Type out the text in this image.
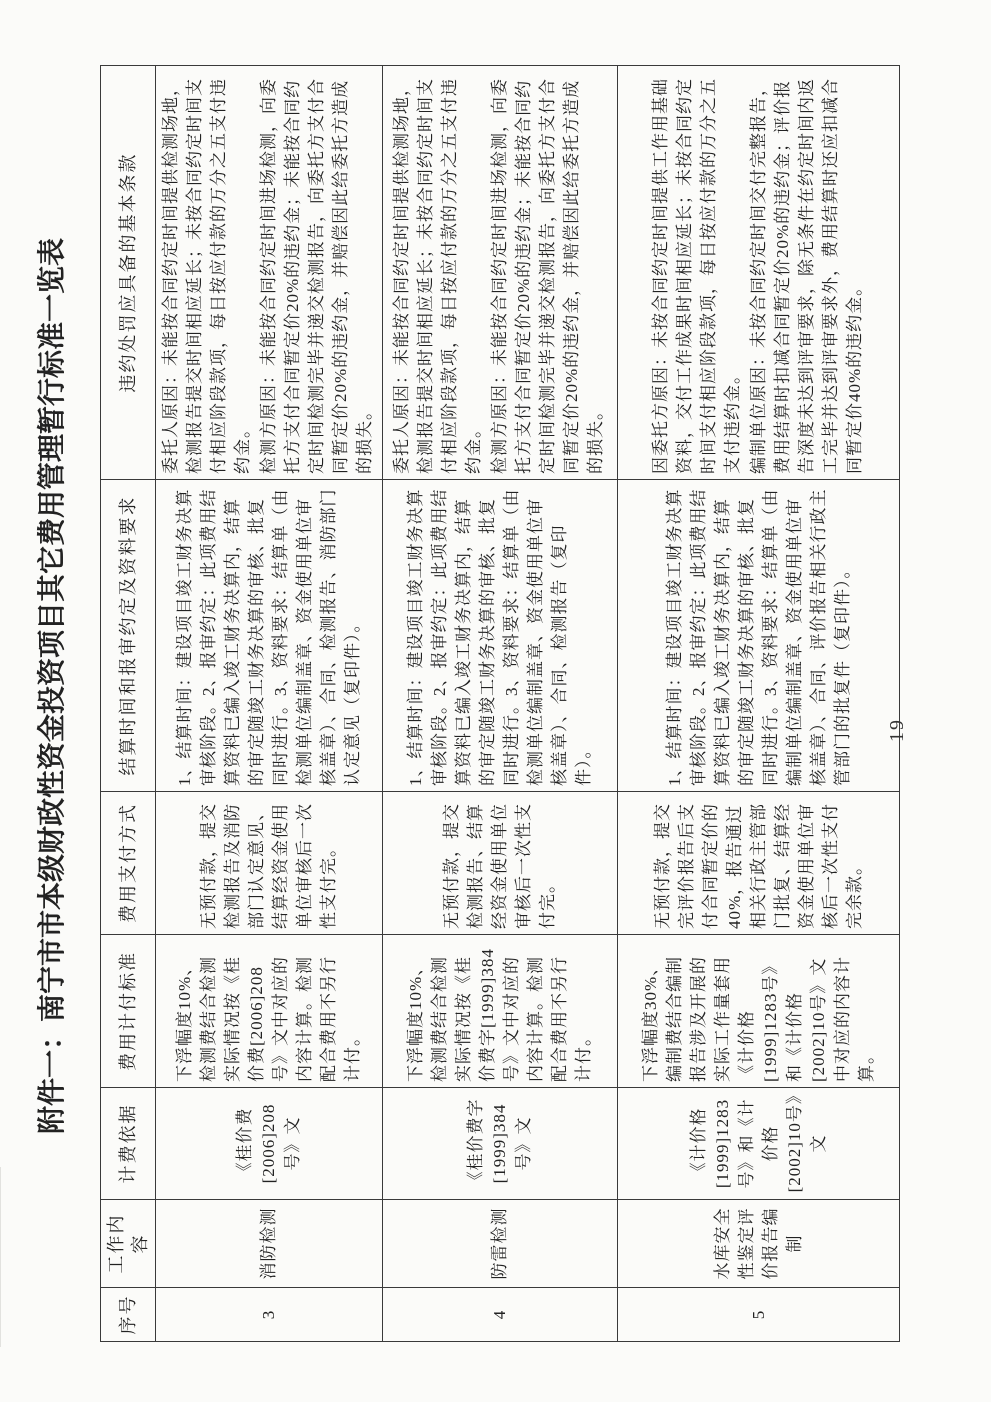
附件一：南宁市市本级财政性资金投资项目其它费用管理暂行标准一览表
序号	工作内容	计费依据	费用计付标准	费用支付方式	结算时间和报审约定及资料要求	违约处罚应具备的基本条款
3	消防检测	《桂价费[2006]208号》文	下浮幅度10%、检测费结合检测实际情况按《桂价费[2006]208号》文中对应的内容计算。检测配合费用不另行计付。	无预付款，提交检测报告及消防部门认定意见、结算经资金使用单位审核后一次性支付完。	1、结算时间：建设项目竣工财务决算审核阶段。2、报审约定：此项费用结算资料已编入竣工财务决算内，结算的审定随竣工财务决算的审核、批复同时进行。3、资料要求：结算单（由检测单位编制盖章、资金使用单位审核盖章）、合同、检测报告、消防部门认定意见（复印件）。	委托人原因：未能按合同约定时间提供检测场地，检测报告提交时间相应延长；未按合同约定时间支付相应阶段款项，每日按应付款的万分之五支付违约金。 检测方原因：未能按合同约定时间进场检测，向委托方支付合同暂定价20%的违约金；未能按合同约定时间检测完毕并递交检测报告，向委托方支付合同暂定价20%的违约金，并赔偿因此给委托方造成的损失。

4	防雷检测	《桂价费字[1999]384号》文	下浮幅度10%、检测费结合检测实际情况按《桂价费字[1999]384号》文中对应的内容计算。检测配合费用不另行计付。	无预付款，提交检测报告、结算经资金使用单位审核后一次性支付完。	1、结算时间：建设项目竣工财务决算审核阶段。2、报审约定：此项费用结算资料已编入竣工财务决算内，结算的审定随竣工财务决算的审核、批复同时进行。3、资料要求：结算单（由检测单位编制盖章、资金使用单位审核盖章）、合同、检测报告（复印件）。	委托人原因：未能按合同约定时间提供检测场地，检测报告提交时间相应延长；未按合同约定时间支付相应阶段款项，每日按应付款的万分之五支付违约金。 检测方原因：未能按合同约定时间进场检测，向委托方支付合同暂定价20%的违约金；未能按合同约定时间检测完毕并递交检测报告，向委托方支付合同暂定价20%的违约金，并赔偿因此给委托方造成的损失。

5	水库安全性鉴定评价报告编制	《计价格[1999]1283号》和《计价格[2002]10号》文	下浮幅度30%、编制费结合编制报告涉及开展的实际工作量套用《计价格[1999]1283号》和《计价格[2002]10号》文中对应的内容计算。	无预付款，提交完评价报告后支付合同暂定价的40%，报告通过相关行政主管部门批复、结算经资金使用单位审核后一次性支付完余款。	1、结算时间：建设项目竣工财务决算审核阶段。2、报审约定：此项费用结算资料已编入竣工财务决算内，结算的审定随竣工财务决算的审核、批复同时进行。3、资料要求：结算单（由编制单位编制盖章、资金使用单位审核盖章）、合同、评价报告相关行政主管部门的批复件（复印件）。	因委托方原因：未按合同约定时间提供工作用基础资料，交付工作成果时间相应延长；未按合同约定时间支付相应阶段款项，每日按应付款的万分之五支付违约金。 编制单位原因：未按合同约定时间交付完整报告，费用结算时扣减合同暂定价20%的违约金；评价报告深度未达到评审要求，除无条件在约定时间内返工完毕并达到评审要求外，费用结算时还应扣减合同暂定价40%的违约金。

19
